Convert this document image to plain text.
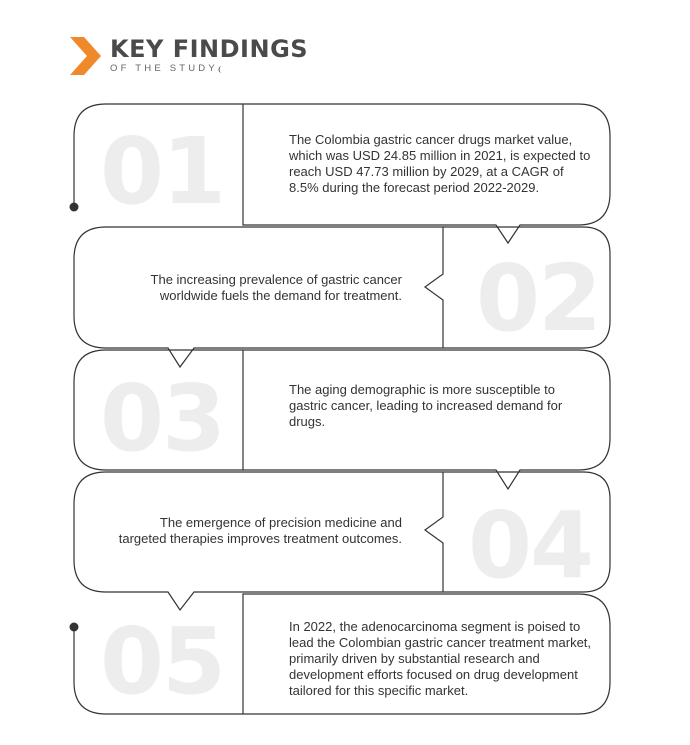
KEY FINDINGS
OF THE STUDY
01	The Colombia gastric cancer drugs market value, which was USD 24.85 million in 2021, is expected to reach USD 47.73 million by 2029, at a CAGR of 8.5% during the forecast period 2022-2029.
02
The increasing prevalence of gastric cancer worldwide fuels the demand for treatment.
03	The aging demographic is more susceptible to gastric cancer, leading to increased demand for drugs.
04
The emergence of precision medicine and targeted therapies improves treatment outcomes.
05	In 2022, the adenocarcinoma segment is poised to lead the Colombian gastric cancer treatment market, primarily driven by substantial research and development efforts focused on drug development tailored for this specific market.
